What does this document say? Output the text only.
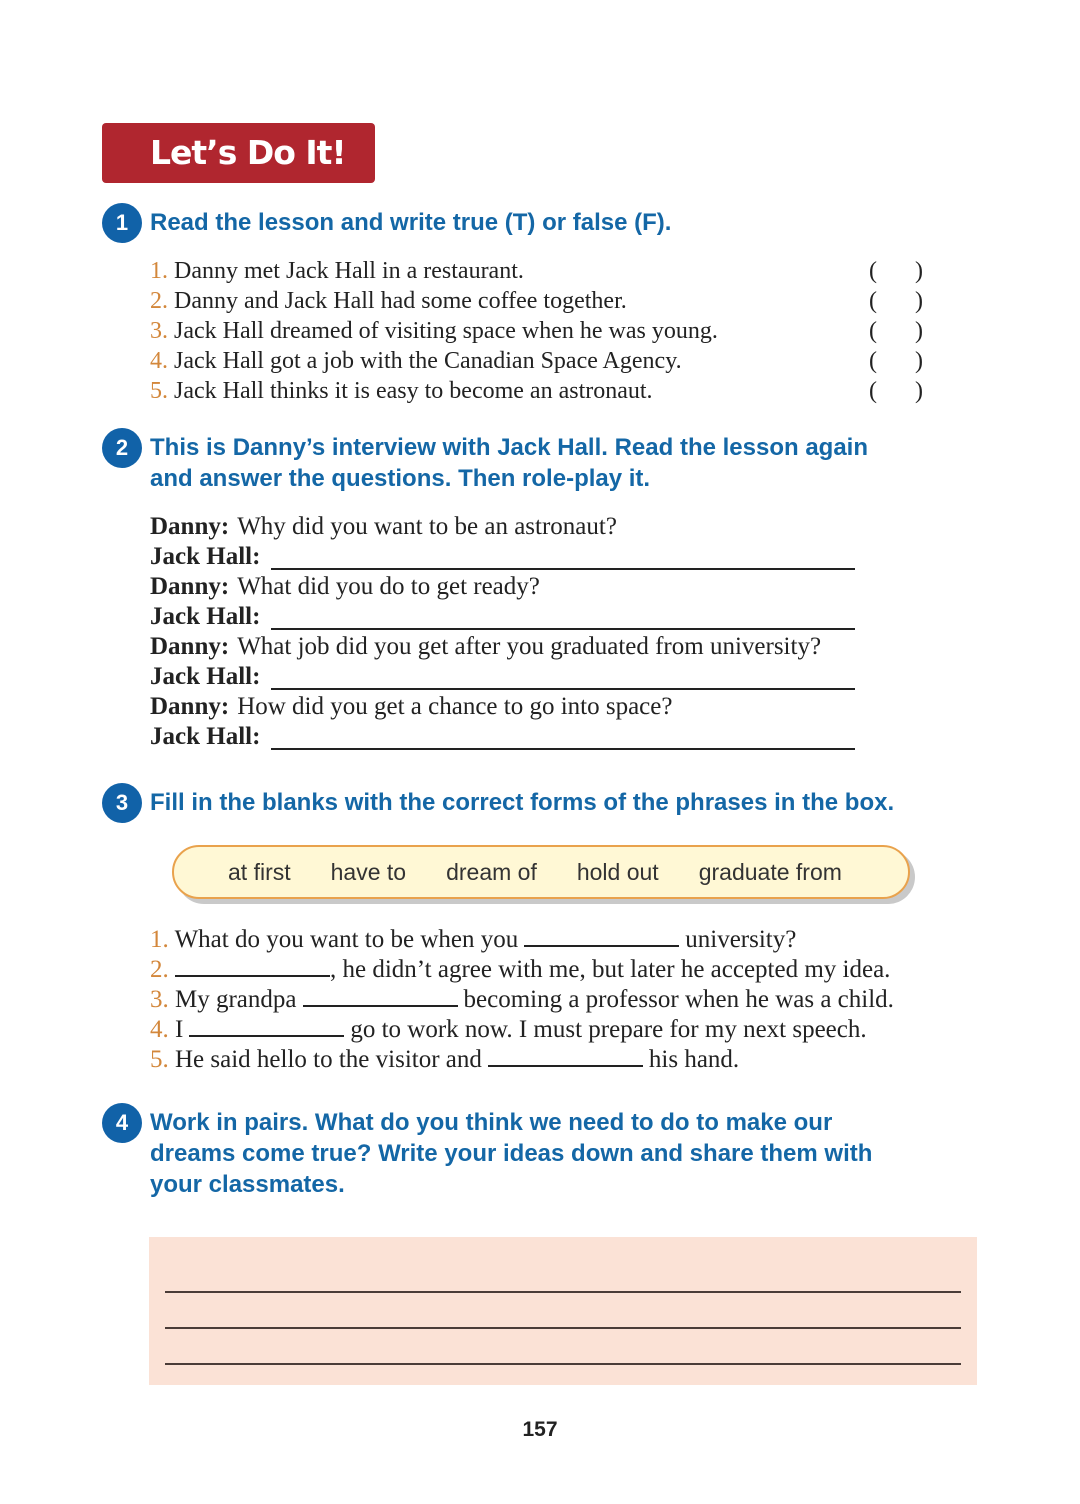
Let’s Do It!
1 Read the lesson and write true (T) or false (F).
1. Danny met Jack Hall in a restaurant.	( )
2. Danny and Jack Hall had some coffee together.	( )
3. Jack Hall dreamed of visiting space when he was young.	( )
4. Jack Hall got a job with the Canadian Space Agency.	( )
5. Jack Hall thinks it is easy to become an astronaut.	( )
2 This is Danny’s interview with Jack Hall. Read the lesson again
and answer the questions. Then role-play it.
Danny: Why did you want to be an astronaut?
Jack Hall:
Danny: What did you do to get ready?
Jack Hall:
Danny: What job did you get after you graduated from university?
Jack Hall:
Danny: How did you get a chance to go into space?
Jack Hall:
3 Fill in the blanks with the correct forms of the phrases in the box.
at first have to dream of hold out graduate from
1. What do you want to be when you	university?
2.	, he didn’t agree with me, but later he accepted my idea.
3. My grandpa	becoming a professor when he was a child.
4. I	go to work now. I must prepare for my next speech.
5. He said hello to the visitor and	his hand.
4 Work in pairs. What do you think we need to do to make our
dreams come true? Write your ideas down and share them with
your classmates.
157
